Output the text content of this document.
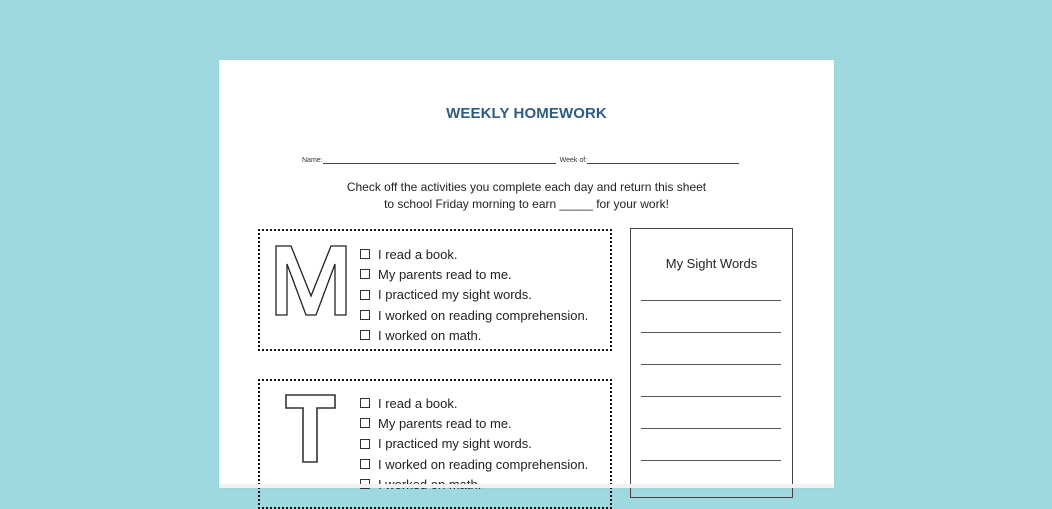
WEEKLY HOMEWORK
Name:	Week of:
Check off the activities you complete each day and return this sheet
to school Friday morning to earn _____ for your work!
I read a book.
My parents read to me.
I practiced my sight words.
I worked on reading comprehension.
I worked on math.
I read a book.
My parents read to me.
I practiced my sight words.
I worked on reading comprehension.
My Sight Words
